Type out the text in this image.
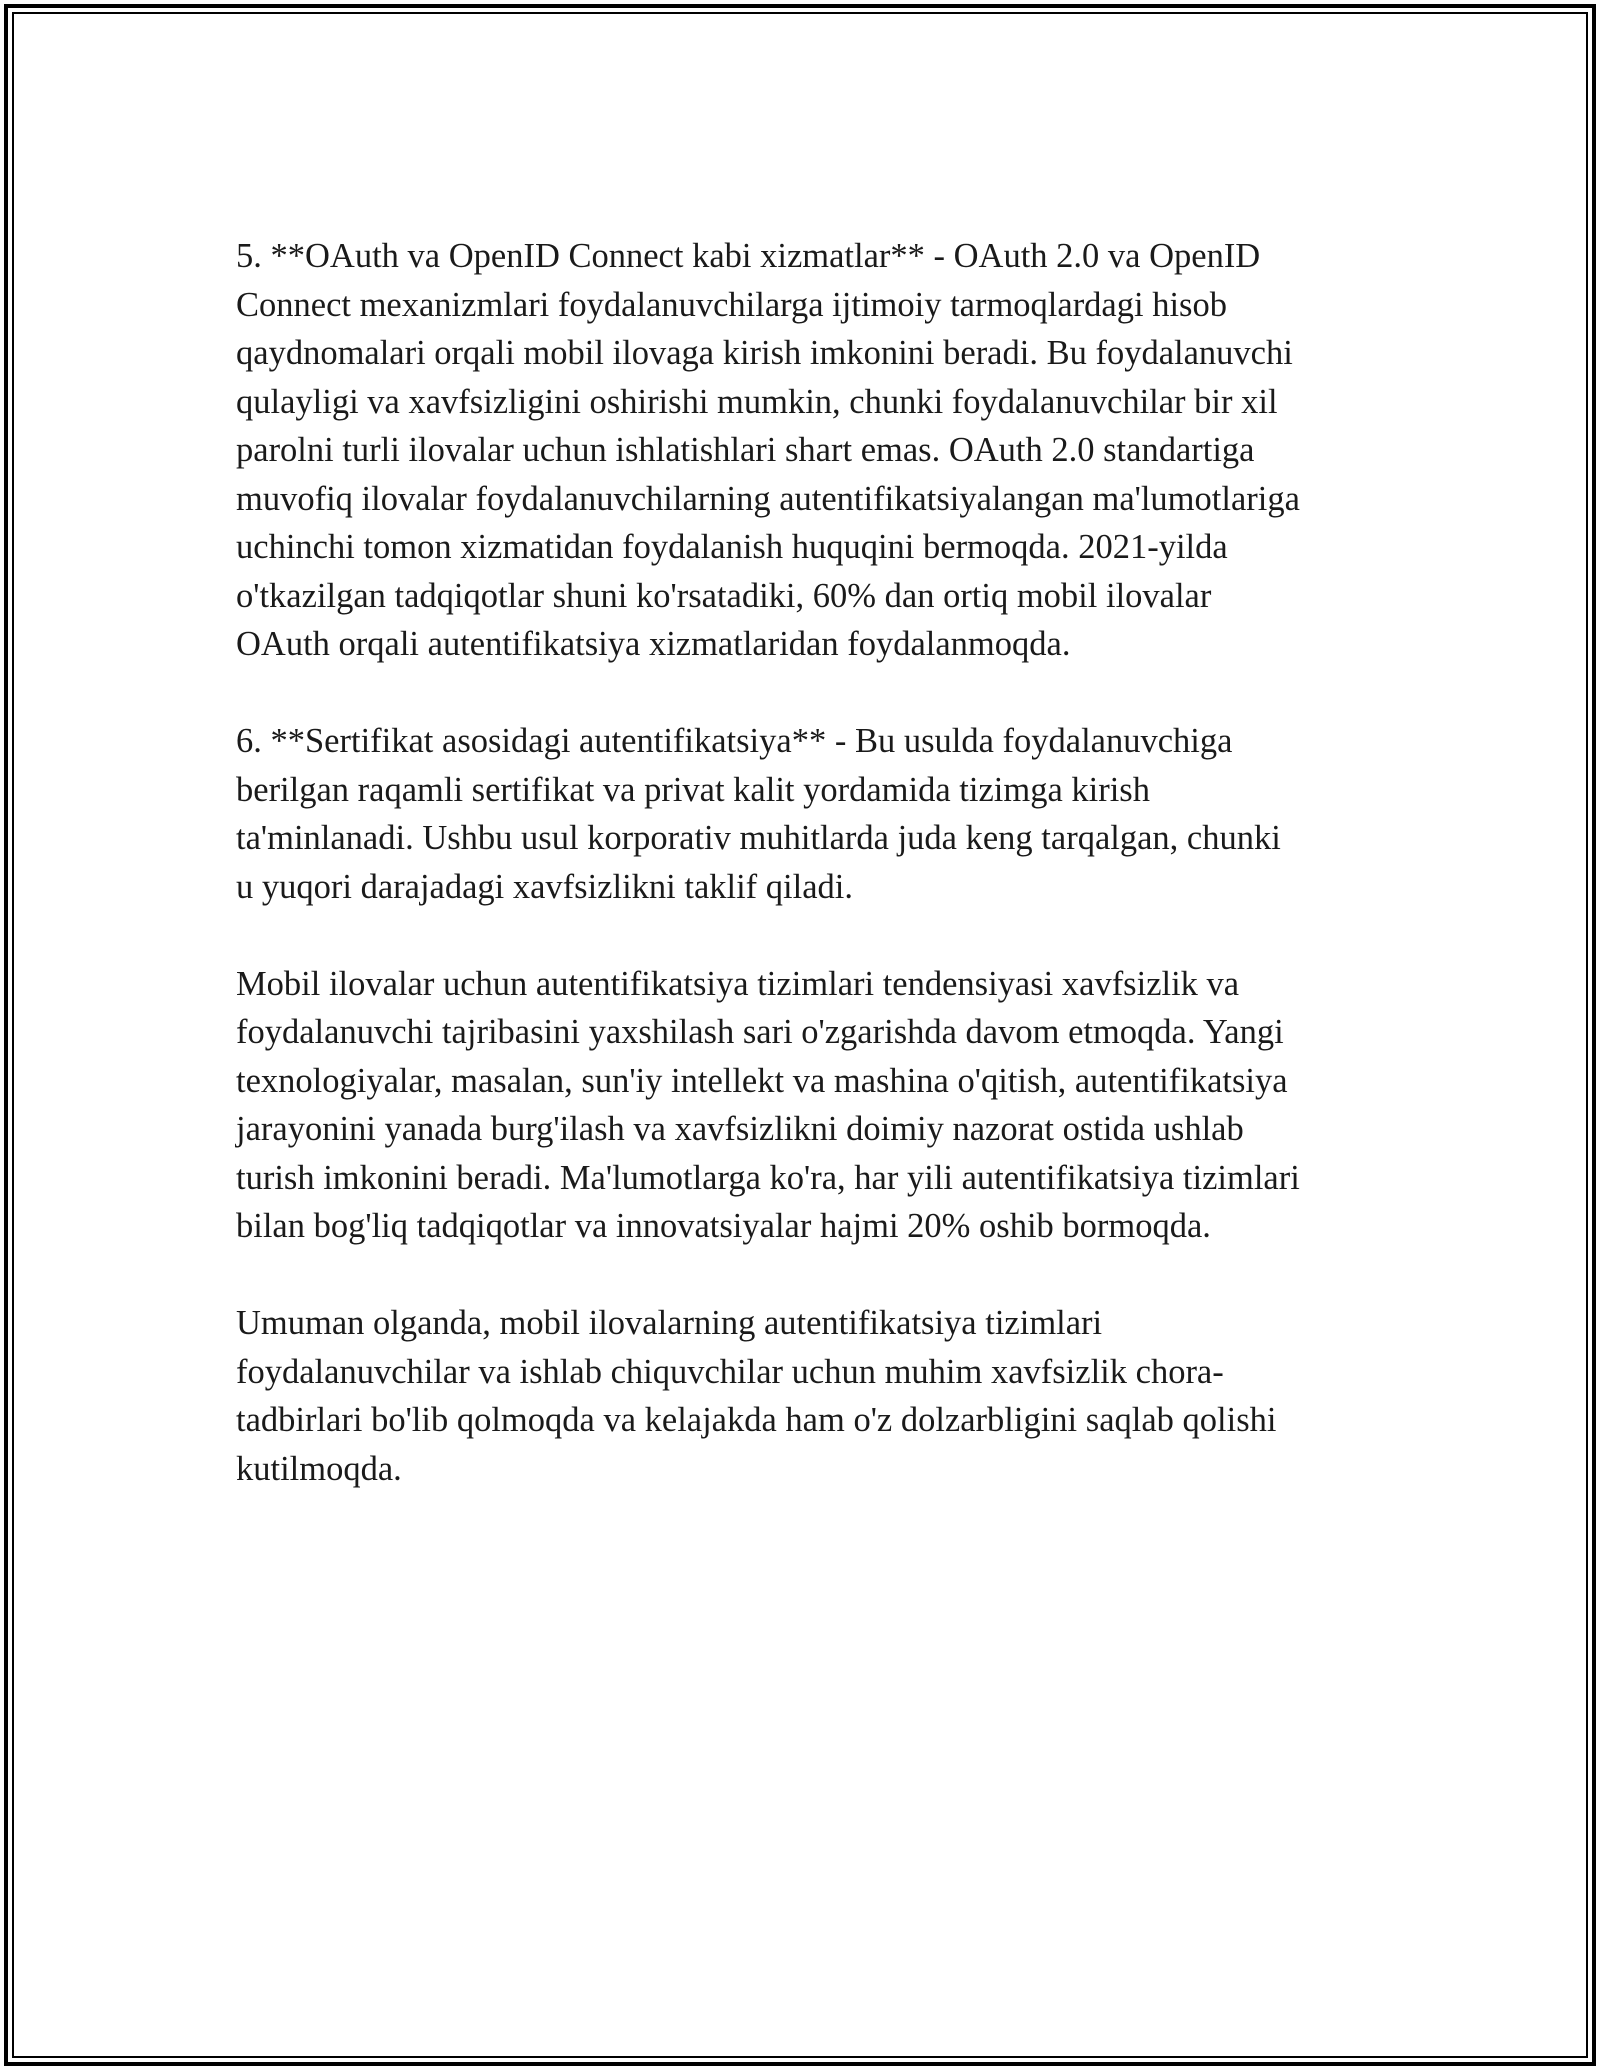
5. **OAuth va OpenID Connect kabi xizmatlar** - OAuth 2.0 va OpenID
Connect mexanizmlari foydalanuvchilarga ijtimoiy tarmoqlardagi hisob
qaydnomalari orqali mobil ilovaga kirish imkonini beradi. Bu foydalanuvchi
qulayligi va xavfsizligini oshirishi mumkin, chunki foydalanuvchilar bir xil
parolni turli ilovalar uchun ishlatishlari shart emas. OAuth 2.0 standartiga
muvofiq ilovalar foydalanuvchilarning autentifikatsiyalangan ma'lumotlariga
uchinchi tomon xizmatidan foydalanish huquqini bermoqda. 2021-yilda
o'tkazilgan tadqiqotlar shuni ko'rsatadiki, 60% dan ortiq mobil ilovalar
OAuth orqali autentifikatsiya xizmatlaridan foydalanmoqda.

6. **Sertifikat asosidagi autentifikatsiya** - Bu usulda foydalanuvchiga
berilgan raqamli sertifikat va privat kalit yordamida tizimga kirish
ta'minlanadi. Ushbu usul korporativ muhitlarda juda keng tarqalgan, chunki
u yuqori darajadagi xavfsizlikni taklif qiladi.

Mobil ilovalar uchun autentifikatsiya tizimlari tendensiyasi xavfsizlik va
foydalanuvchi tajribasini yaxshilash sari o'zgarishda davom etmoqda. Yangi
texnologiyalar, masalan, sun'iy intellekt va mashina o'qitish, autentifikatsiya
jarayonini yanada burg'ilash va xavfsizlikni doimiy nazorat ostida ushlab
turish imkonini beradi. Ma'lumotlarga ko'ra, har yili autentifikatsiya tizimlari
bilan bog'liq tadqiqotlar va innovatsiyalar hajmi 20% oshib bormoqda.

Umuman olganda, mobil ilovalarning autentifikatsiya tizimlari
foydalanuvchilar va ishlab chiquvchilar uchun muhim xavfsizlik chora-
tadbirlari bo'lib qolmoqda va kelajakda ham o'z dolzarbligini saqlab qolishi
kutilmoqda.
